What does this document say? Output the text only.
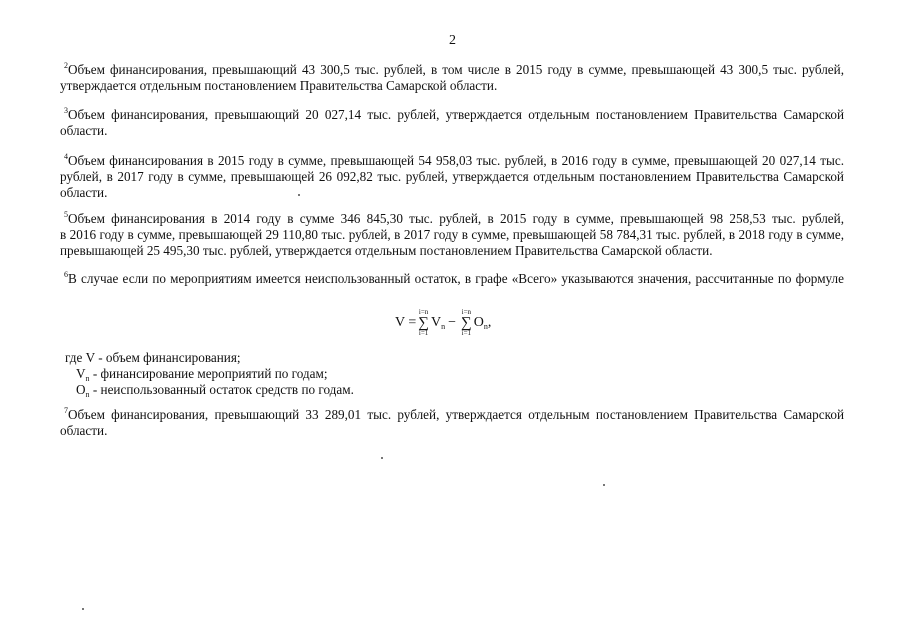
2
$^2$Объем финансирования, превышающий 43 300,5 тыс. рублей, в том числе в 2015 году в сумме, превышающей 43 300,5 тыс. рублей,
утверждается отдельным постановлением Правительства Самарской области.
$^3$Объем финансирования, превышающий 20 027,14 тыс. рублей, утверждается отдельным постановлением Правительства Самарской
области.
$^4$Объем финансирования в 2015 году в сумме, превышающей 54 958,03 тыс. рублей, в 2016 году в сумме, превышающей 20 027,14 тыс.
рублей, в 2017 году в сумме, превышающей 26 092,82 тыс. рублей, утверждается отдельным постановлением Правительства Самарской
области.
$^5$Объем финансирования в 2014 году в сумме 346 845,30 тыс. рублей, в 2015 году в сумме, превышающей 98 258,53 тыс. рублей,
в 2016 году в сумме, превышающей 29 110,80 тыс. рублей, в 2017 году в сумме, превышающей 58 784,31 тыс. рублей, в 2018 году в сумме,
превышающей 25 495,30 тыс. рублей, утверждается отдельным постановлением Правительства Самарской области.
$^6$В случае если по мероприятиям имеется неиспользованный остаток, в графе «Всего» указываются значения, рассчитанные по формуле
V =
i=n
∑
i=1
$V_n$ −
i=n
∑
i=1
$O_n$ ,
где V - объем финансирования;
$V_n$ - финансирование мероприятий по годам;
$O_n$ - неиспользованный остаток средств по годам.
$^7$Объем финансирования, превышающий 33 289,01 тыс. рублей, утверждается отдельным постановлением Правительства Самарской
области.
